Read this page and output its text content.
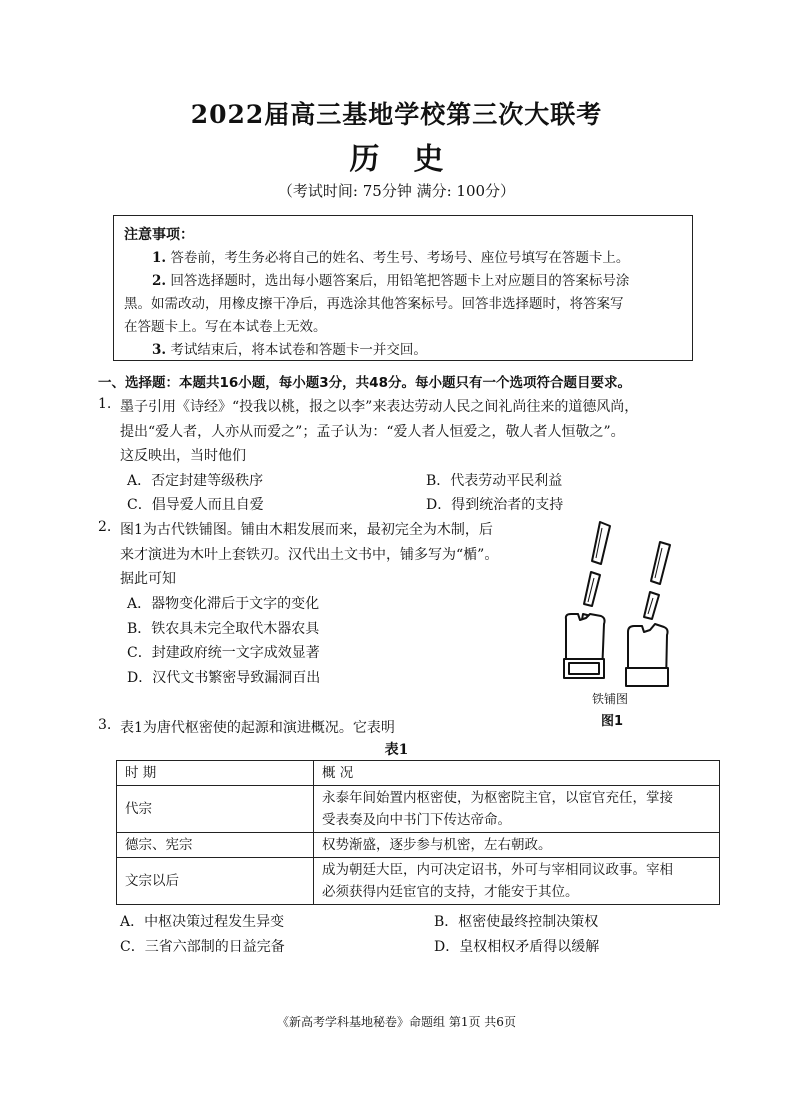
2022届高三基地学校第三次大联考
历史
（考试时间: 75分钟 满分: 100分）

注意事项：

1. 答卷前，考生务必将自己的姓名、考生号、考场号、座位号填写在答题卡上。

2. 回答选择题时，选出每小题答案后，用铅笔把答题卡上对应题目的答案标号涂

黑。如需改动，用橡皮擦干净后，再选涂其他答案标号。回答非选择题时，将答案写

在答题卡上。写在本试卷上无效。

3. 考试结束后，将本试卷和答题卡一并交回。

一、选择题：本题共16小题，每小题3分，共48分。每小题只有一个选项符合题目要求。
1. 墨子引用《诗经》“投我以桃，报之以李”来表达劳动人民之间礼尚往来的道德风尚，
提出“爱人者，人亦从而爱之”；孟子认为：“爱人者人恒爱之，敬人者人恒敬之”。
这反映出，当时他们
A．否定封建等级秩序	B．代表劳动平民利益
C．倡导爱人而且自爱	D．得到统治者的支持
2. 图1为古代铁铺图。铺由木耜发展而来，最初完全为木制，后
来才演进为木叶上套铁刃。汉代出土文书中，铺多写为“楯”。
据此可知
A．器物变化滞后于文字的变化
B．铁农具未完全取代木器农具
C．封建政府统一文字成效显著
D．汉代文书繁密导致漏洞百出
铁铺图
图1
3. 表1为唐代枢密使的起源和演进概况。它表明
表1
时 期	概 况
代宗	永泰年间始置内枢密使，为枢密院主官，以宦官充任，掌接
受表奏及向中书门下传达帝命。

德宗、宪宗	权势渐盛，逐步参与机密，左右朝政。

文宗以后	成为朝廷大臣，内可决定诏书，外可与宰相同议政事。宰相
必须获得内廷宦官的支持，才能安于其位。
A．中枢决策过程发生异变	B．枢密使最终控制决策权
C．三省六部制的日益完备	D．皇权相权矛盾得以缓解
《新高考学科基地秘卷》命题组 第1页 共6页
